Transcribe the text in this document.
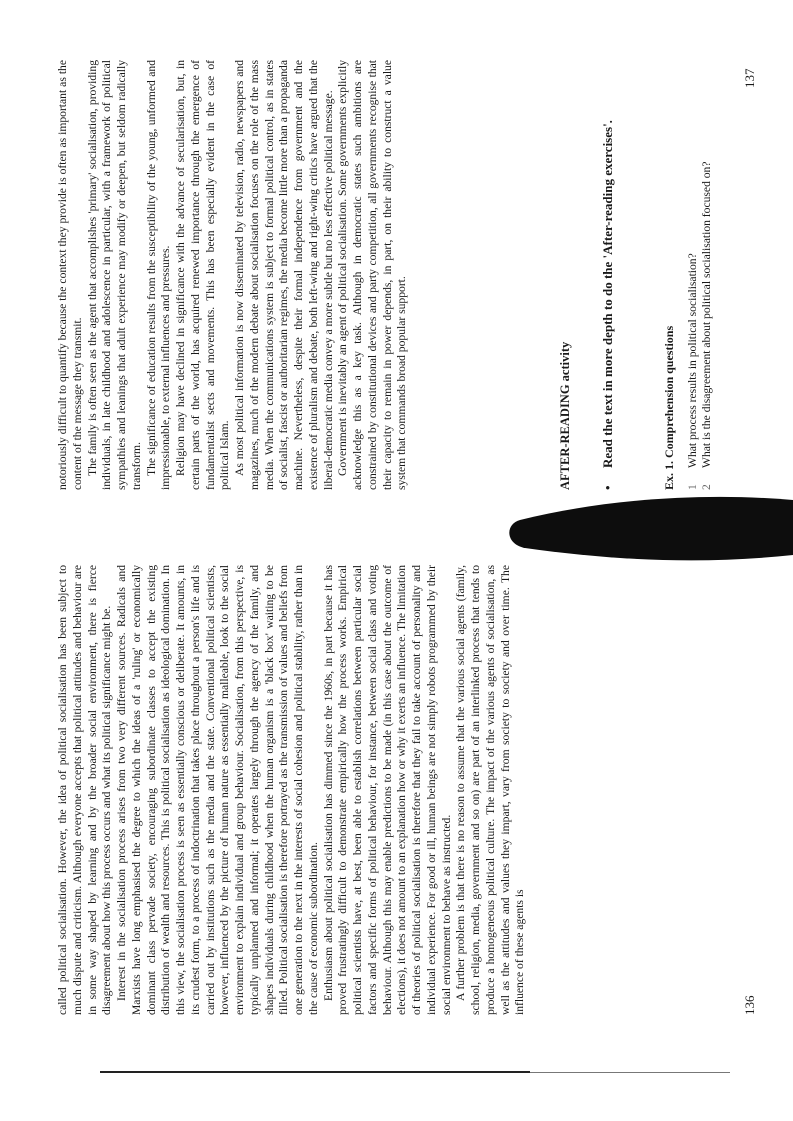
called political socialisation. However, the idea of political socialisation has been subject to much dispute and criticism. Although everyone accepts that political attitudes and behaviour are in some way shaped by learning and by the broader social environment, there is fierce disagreement about how this process occurs and what its political significance might be. Interest in the socialisation process arises from two very different sources. Radicals and Marxists have long emphasised the degree to which the ideas of a 'ruling' or economically dominant class pervade society, encouraging subordinate classes to accept the existing distribution of wealth and resources. This is political socialisation as ideological domination. In this view, the socialisation process is seen as essentially conscious or deliberate. It amounts, in its crudest form, to a process of indoctrination that takes place throughout a person's life and is carried out by institutions such as the media and the state. Conventional political scientists, however, influenced by the picture of human nature as essentially malleable, look to the social environment to explain individual and group behaviour. Socialisation, from this perspective, is typically unplanned and informal; it operates largely through the agency of the family, and shapes individuals during childhood when the human organism is a 'black box' waiting to be filled. Political socialisation is therefore portrayed as the transmission of values and beliefs from one generation to the next in the interests of social cohesion and political stability, rather than in the cause of economic subordination. Enthusiasm about political socialisation has dimmed since the 1960s, in part because it has proved frustratingly difficult to demonstrate empirically how the process works. Empirical political scientists have, at best, been able to establish correlations between particular social factors and specific forms of political behaviour, for instance, between social class and voting behaviour. Although this may enable predictions to be made (in this case about the outcome of elections), it does not amount to an explanation how or why it exerts an influence. The limitation of theories of political socialisation is therefore that they fail to take account of personality and individual experience. For good or ill, human beings are not simply robots programmed by their social environment to behave as instructed. A further problem is that there is no reason to assume that the various social agents (family, school, religion, media, government and so on) are part of an interlinked process that tends to produce a homogeneous political culture. The impact of the various agents of socialisation, as well as the attitudes and values they impart, vary from society to society and over time. The influence of these agents is	136

notoriously difficult to quantify because the context they provide is often as important as the content of the message they transmit. The family is often seen as the agent that accomplishes 'primary' socialisation, providing individuals, in late childhood and adolescence in particular, with a framework of political sympathies and leanings that adult experience may modify or deepen, but seldom radically transform. The significance of education results from the susceptibility of the young, unformed and impressionable, to external influences and pressures. Religion may have declined in significance with the advance of secularisation, but, in certain parts of the world, has acquired renewed importance through the emergence of fundamentalist sects and movements. This has been especially evident in the case of political Islam. As most political information is now disseminated by television, radio, newspapers and magazines, much of the modern debate about socialisation focuses on the role of the mass media. When the communications system is subject to formal political control, as in states of socialist, fascist or authoritarian regimes, the media become little more than a propaganda machine. Nevertheless, despite their formal independence from government and the existence of pluralism and debate, both left-wing and right-wing critics have argued that the liberal-democratic media convey a more subtle but no less effective political message. Government is inevitably an agent of political socialisation. Some governments explicitly acknowledge this as a key task. Although in democratic states such ambitions are constrained by constitutional devices and party competition, all governments recognise that their capacity to remain in power depends, in part, on their ability to construct a value system that commands broad popular support.	AFTER-READING activity •
Read the text in more depth to do the 'After-reading exercises'.	Ex. 1. Comprehension questions 1
What process results in political socialisation?
2
What is the disagreement about political socialisation focused on?
137
